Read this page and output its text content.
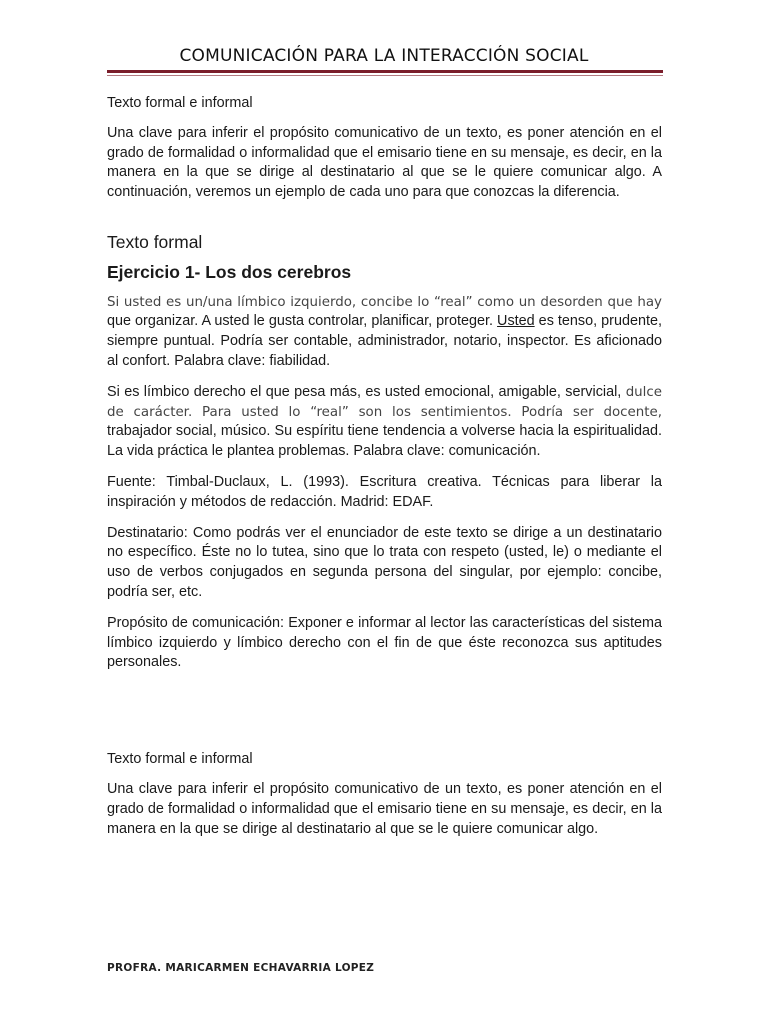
COMUNICACIÓN PARA LA INTERACCIÓN SOCIAL

Texto formal e informal

Una clave para inferir el propósito comunicativo de un texto, es poner atención en el grado de formalidad o informalidad que el emisario tiene en su mensaje, es decir, en la manera en la que se dirige al destinatario al que se le quiere comunicar algo. A continuación, veremos un ejemplo de cada uno para que conozcas la diferencia.

Texto formal
Ejercicio 1- Los dos cerebros

Si usted es un/una límbico izquierdo, concibe lo “real” como un desorden que hay que organizar. A usted le gusta controlar, planificar, proteger. Usted es tenso, prudente, siempre puntual. Podría ser contable, administrador, notario, inspector. Es aficionado al confort. Palabra clave: fiabilidad.

Si es límbico derecho el que pesa más, es usted emocional, amigable, servicial, dulce de carácter. Para usted lo “real” son los sentimientos. Podría ser docente, trabajador social, músico. Su espíritu tiene tendencia a volverse hacia la espiritualidad. La vida práctica le plantea problemas. Palabra clave: comunicación.

Fuente: Timbal-Duclaux, L. (1993). Escritura creativa. Técnicas para liberar la inspiración y métodos de redacción. Madrid: EDAF.

Destinatario: Como podrás ver el enunciador de este texto se dirige a un destinatario no específico. Éste no lo tutea, sino que lo trata con respeto (usted, le) o mediante el uso de verbos conjugados en segunda persona del singular, por ejemplo: concibe, podría ser, etc.

Propósito de comunicación: Exponer e informar al lector las características del sistema límbico izquierdo y límbico derecho con el fin de que éste reconozca sus aptitudes personales.

Texto formal e informal

Una clave para inferir el propósito comunicativo de un texto, es poner atención en el grado de formalidad o informalidad que el emisario tiene en su mensaje, es decir, en la manera en la que se dirige al destinatario al que se le quiere comunicar algo.

PROFRA. MARICARMEN ECHAVARRIA LOPEZ
